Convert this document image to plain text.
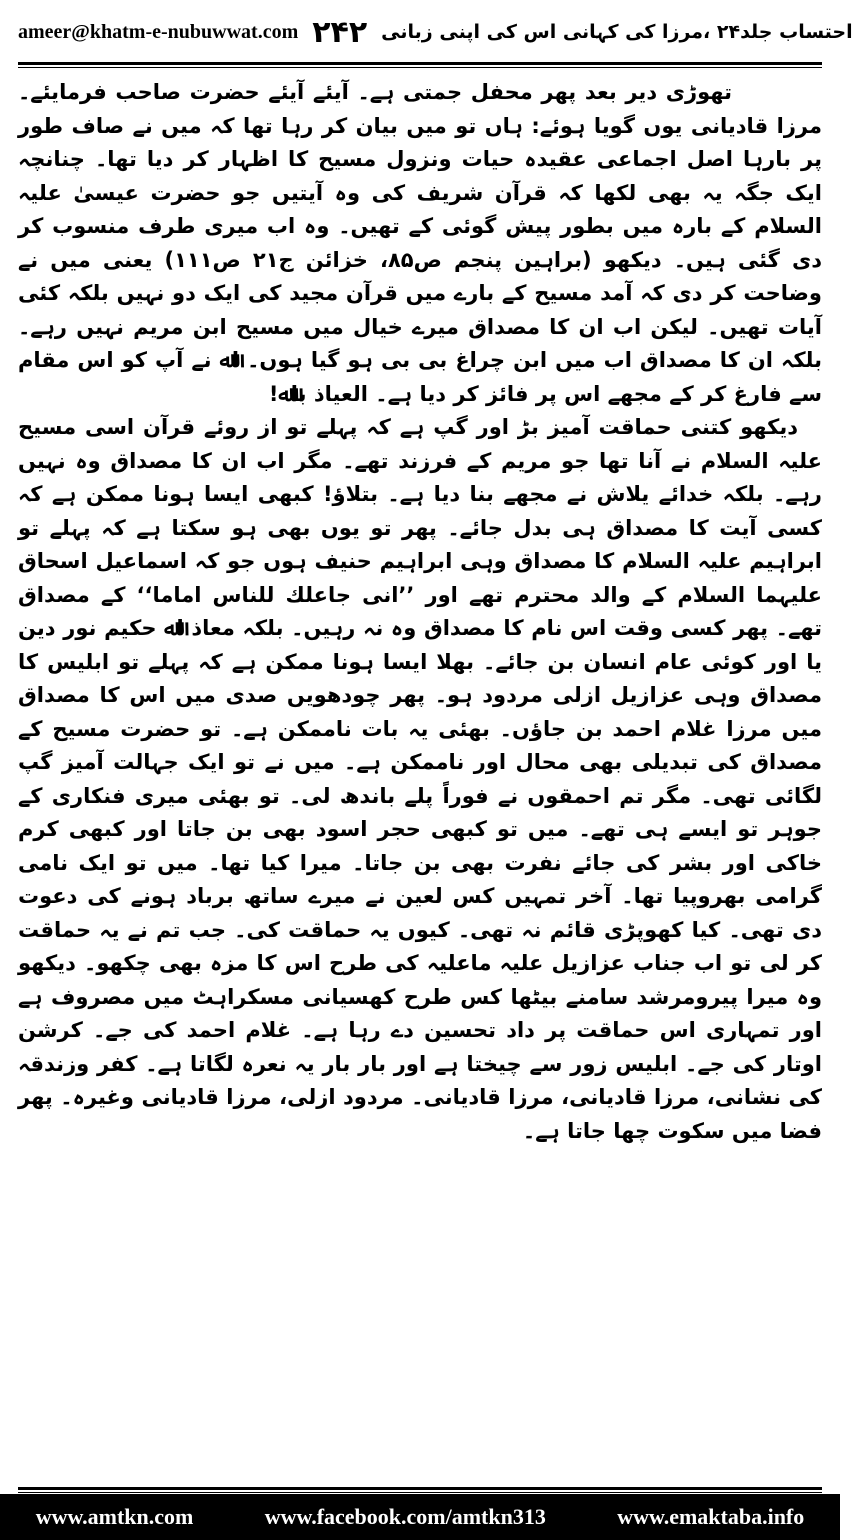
ameer@khatm-e-nubuwwat.com ۲۴۲ احتساب جلد۲۴ ،مرزا کی کہانی اس کی اپنی زبانی

تھوڑی دیر بعد پھر محفل جمتی ہے۔ آیئے آیئے حضرت صاحب فرمایئے۔ مرزا قادیانی یوں گویا ہوئے: ہاں تو میں بیان کر رہا تھا کہ میں نے صاف طور پر بارہا اصل اجماعی عقیدہ حیات ونزول مسیح کا اظہار کر دیا تھا۔ چنانچہ ایک جگہ یہ بھی لکھا کہ قرآن شریف کی وہ آیتیں جو حضرت عیسیٰ علیہ السلام کے بارہ میں بطور پیش گوئی کے تھیں۔ وہ اب میری طرف منسوب کر دی گئی ہیں۔ دیکھو (براہین پنجم ص۸۵، خزائن ج۲۱ ص۱۱۱) یعنی میں نے وضاحت کر دی کہ آمد مسیح کے بارے میں قرآن مجید کی ایک دو نہیں بلکہ کئی آیات تھیں۔ لیکن اب ان کا مصداق میرے خیال میں مسیح ابن مریم نہیں رہے۔ بلکہ ان کا مصداق اب میں ابن چراغ بی بی ہو گیا ہوں۔ اﷲ نے آپ کو اس مقام سے فارغ کر کے مجھے اس پر فائز کر دیا ہے۔ العیاذ باﷲ!

دیکھو کتنی حماقت آمیز بڑ اور گپ ہے کہ پہلے تو از روئے قرآن اسی مسیح علیہ السلام نے آنا تھا جو مریم کے فرزند تھے۔ مگر اب ان کا مصداق وہ نہیں رہے۔ بلکہ خدائے یلاش نے مجھے بنا دیا ہے۔ بتلاؤ! کبھی ایسا ہونا ممکن ہے کہ کسی آیت کا مصداق ہی بدل جائے۔ پھر تو یوں بھی ہو سکتا ہے کہ پہلے تو ابراہیم علیہ السلام کا مصداق وہی ابراہیم حنیف ہوں جو کہ اسماعیل اسحاق علیہما السلام کے والد محترم تھے اور ’’انی جاعلك للناس اماما‘‘ کے مصداق تھے۔ پھر کسی وقت اس نام کا مصداق وہ نہ رہیں۔ بلکہ معاذ اﷲ حکیم نور دین یا اور کوئی عام انسان بن جائے۔ بھلا ایسا ہونا ممکن ہے کہ پہلے تو ابلیس کا مصداق وہی عزازیل ازلی مردود ہو۔ پھر چودھویں صدی میں اس کا مصداق میں مرزا غلام احمد بن جاؤں۔ بھئی یہ بات ناممکن ہے۔ تو حضرت مسیح کے مصداق کی تبدیلی بھی محال اور ناممکن ہے۔ میں نے تو ایک جہالت آمیز گپ لگائی تھی۔ مگر تم احمقوں نے فوراً پلے باندھ لی۔ تو بھئی میری فنکاری کے جوہر تو ایسے ہی تھے۔ میں تو کبھی حجر اسود بھی بن جاتا اور کبھی کرم خاکی اور بشر کی جائے نفرت بھی بن جاتا۔ میرا کیا تھا۔ میں تو ایک نامی گرامی بھروپیا تھا۔ آخر تمہیں کس لعین نے میرے ساتھ برباد ہونے کی دعوت دی تھی۔ کیا کھوپڑی قائم نہ تھی۔ کیوں یہ حماقت کی۔ جب تم نے یہ حماقت کر لی تو اب جناب عزازیل علیہ ماعلیہ کی طرح اس کا مزہ بھی چکھو۔ دیکھو وہ میرا پیرومرشد سامنے بیٹھا کس طرح کھسیانی مسکراہٹ میں مصروف ہے اور تمہاری اس حماقت پر داد تحسین دے رہا ہے۔ غلام احمد کی جے۔ کرشن اوتار کی جے۔ ابلیس زور سے چیختا ہے اور بار بار یہ نعرہ لگاتا ہے۔ کفر وزندقہ کی نشانی، مرزا قادیانی، مرزا قادیانی۔ مردود ازلی، مرزا قادیانی وغیرہ۔ پھر فضا میں سکوت چھا جاتا ہے۔

www.amtkn.com	www.facebook.com/amtkn313	www.emaktaba.info
